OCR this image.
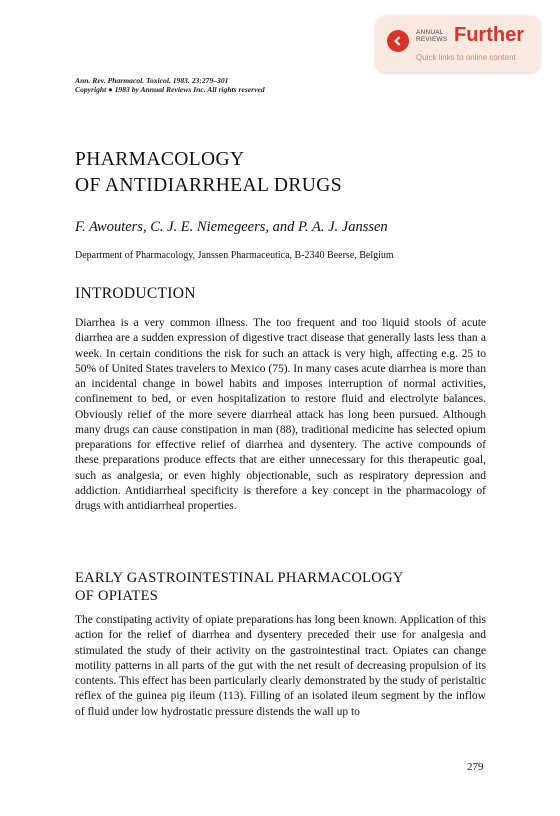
ANNUAL
REVIEWS Further
Quick links to online content
Ann. Rev. Pharmacol. Toxicol. 1983. 23:279–301
Copyright ● 1983 by Annual Reviews Inc. All rights reserved
PHARMACOLOGY
OF ANTIDIARRHEAL DRUGS
F. Awouters, C. J. E. Niemegeers, and P. A. J. Janssen
Department of Pharmacology, Janssen Pharmaceutica, B-2340 Beerse, Belgium
INTRODUCTION
Diarrhea is a very common illness. The too frequent and too liquid stools of acute diarrhea are a sudden expression of digestive tract disease that generally lasts less than a week. In certain conditions the risk for such an attack is very high, affecting e.g. 25 to 50% of United States travelers to Mexico (75). In many cases acute diarrhea is more than an incidental change in bowel habits and imposes interruption of normal activities, confinement to bed, or even hospitalization to restore fluid and electrolyte balances. Obviously relief of the more severe diarrheal attack has long been pursued. Although many drugs can cause constipation in man (88), traditional medicine has selected opium preparations for effective relief of diarrhea and dysentery. The active compounds of these preparations produce effects that are either unnecessary for this therapeutic goal, such as analgesia, or even highly objectionable, such as respiratory depression and addiction. Antidiarrheal specificity is therefore a key concept in the pharmacology of drugs with antidiarrheal properties.
EARLY GASTROINTESTINAL PHARMACOLOGY
OF OPIATES
The constipating activity of opiate preparations has long been known. Application of this action for the relief of diarrhea and dysentery preceded their use for analgesia and stimulated the study of their activity on the gastrointestinal tract. Opiates can change motility patterns in all parts of the gut with the net result of decreasing propulsion of its contents. This effect has been particularly clearly demonstrated by the study of peristaltic reflex of the guinea pig ileum (113). Filling of an isolated ileum segment by the inflow of fluid under low hydrostatic pressure distends the wall up to
279
